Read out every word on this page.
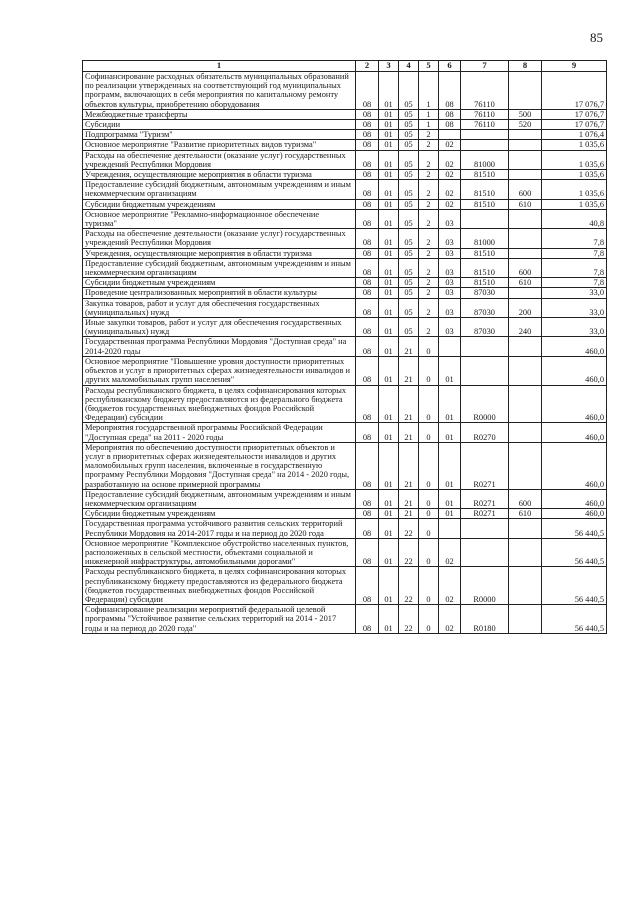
85
1	2	3	4	5	6	7	8	9
Софинансирование расходных обязательств муниципальных образований по реализации утвержденных на соответствующий год муниципальных программ, включающих в себя мероприятия по капитальному ремонту объектов культуры, приобретению оборудования	08	01	05	1	08	76110		17 076,7
Межбюджетные трансферты	08	01	05	1	08	76110	500	17 076,7
Субсидии	08	01	05	1	08	76110	520	17 076,7
Подпрограмма "Туризм"	08	01	05	2				1 076,4
Основное мероприятие "Развитие приоритетных видов туризма"	08	01	05	2	02			1 035,6
Расходы на обеспечение деятельности (оказание услуг) государственных учреждений Республики Мордовия	08	01	05	2	02	81000		1 035,6
Учреждения, осуществляющие мероприятия в области туризма	08	01	05	2	02	81510		1 035,6
Предоставление субсидий бюджетным, автономным учреждениям и иным некоммерческим организациям	08	01	05	2	02	81510	600	1 035,6
Субсидии бюджетным учреждениям	08	01	05	2	02	81510	610	1 035,6
Основное мероприятие "Рекламно-информационное обеспечение туризма"	08	01	05	2	03			40,8
Расходы на обеспечение деятельности (оказание услуг) государственных учреждений Республики Мордовия	08	01	05	2	03	81000		7,8
Учреждения, осуществляющие мероприятия в области туризма	08	01	05	2	03	81510		7,8
Предоставление субсидий бюджетным, автономным учреждениям и иным некоммерческим организациям	08	01	05	2	03	81510	600	7,8
Субсидии бюджетным учреждениям	08	01	05	2	03	81510	610	7,8
Проведение централизованных мероприятий в области культуры	08	01	05	2	03	87030		33,0
Закупка товаров, работ и услуг для обеспечения государственных (муниципальных) нужд	08	01	05	2	03	87030	200	33,0
Иные закупки товаров, работ и услуг для обеспечения государственных (муниципальных) нужд	08	01	05	2	03	87030	240	33,0
Государственная программа Республики Мордовия "Доступная среда" на 2014-2020 годы	08	01	21	0				460,0
Основное мероприятие "Повышение уровня доступности приоритетных объектов и услуг в приоритетных сферах жизнедеятельности инвалидов и других маломобильных групп населения"	08	01	21	0	01			460,0
Расходы республиканского бюджета, в целях софинансирования которых республиканскому бюджету предоставляются из федерального бюджета (бюджетов государственных внебюджетных фондов Российской Федерации) субсидии	08	01	21	0	01	R0000		460,0
Мероприятия государственной программы Российской Федерации "Доступная среда" на 2011 - 2020 годы	08	01	21	0	01	R0270		460,0
Мероприятия по обеспечению доступности приоритетных объектов и услуг в приоритетных сферах жизнедеятельности инвалидов и других маломобильных групп населения, включенные в государственную программу Республики Мордовия "Доступная среда" на 2014 - 2020 годы, разработанную на основе примерной программы	08	01	21	0	01	R0271		460,0
Предоставление субсидий бюджетным, автономным учреждениям и иным некоммерческим организациям	08	01	21	0	01	R0271	600	460,0
Субсидии бюджетным учреждениям	08	01	21	0	01	R0271	610	460,0
Государственная программа устойчивого развития сельских территорий Республики Мордовия на 2014-2017 годы и на период до 2020 года	08	01	22	0				56 440,5
Основное мероприятие "Комплексное обустройство населенных пунктов, расположенных в сельской местности, объектами социальной и инженерной инфраструктуры, автомобильными дорогами"	08	01	22	0	02			56 440,5
Расходы республиканского бюджета, в целях софинансирования которых республиканскому бюджету предоставляются из федерального бюджета (бюджетов государственных внебюджетных фондов Российской Федерации) субсидии	08	01	22	0	02	R0000		56 440,5
Софинансирование реализации мероприятий федеральной целевой программы "Устойчивое развитие сельских территорий на 2014 - 2017 годы и на период до 2020 года"	08	01	22	0	02	R0180		56 440,5
